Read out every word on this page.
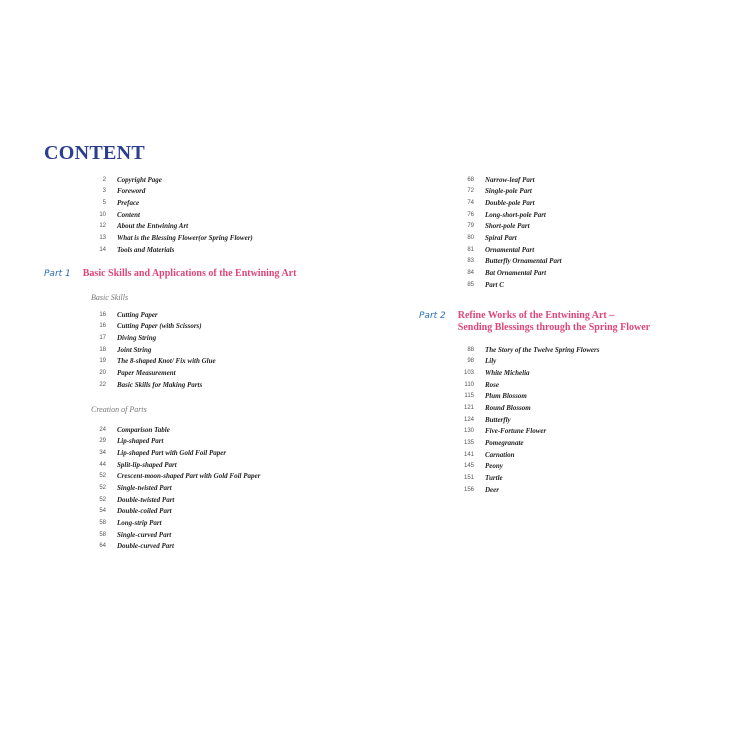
CONTENT
2 Copyright Page
3 Foreword
5 Preface
10 Content
12 About the Entwining Art
13 What is the Blessing Flower(or Spring Flower)
14 Tools and Materials
Part 1 Basic Skills and Applications of the Entwining Art
Basic Skills
16 Cutting Paper
16 Cutting Paper (with Scissors)
17 Diving String
18 Joint String
19 The 8-shaped Knot/ Fix with Glue
20 Paper Measurement
22 Basic Skills for Making Parts
Creation of Parts
24 Comparison Table
29 Lip-shaped Part
34 Lip-shaped Part with Gold Foil Paper
44 Split-lip-shaped Part
52 Crescent-moon-shaped Part with Gold Foil Paper
52 Single-twisted Part
52 Double-twisted Part
54 Double-coiled Part
58 Long-strip Part
58 Single-curved Part
64 Double-curved Part
68 Narrow-leaf Part
72 Single-pole Part
74 Double-pole Part
76 Long-short-pole Part
79 Short-pole Part
80 Spiral Part
81 Ornamental Part
83 Butterfly Ornamental Part
84 Bat Ornamental Part
85 Part C
Part 2 Refine Works of the Entwining Art –
Sending Blessings through the Spring Flower
88 The Story of the Twelve Spring Flowers
98 Lily
103 White Michelia
110 Rose
115 Plum Blossom
121 Round Blossom
124 Butterfly
130 Five-Fortune Flower
135 Pomegranate
141 Carnation
145 Peony
151 Turtle
156 Deer
